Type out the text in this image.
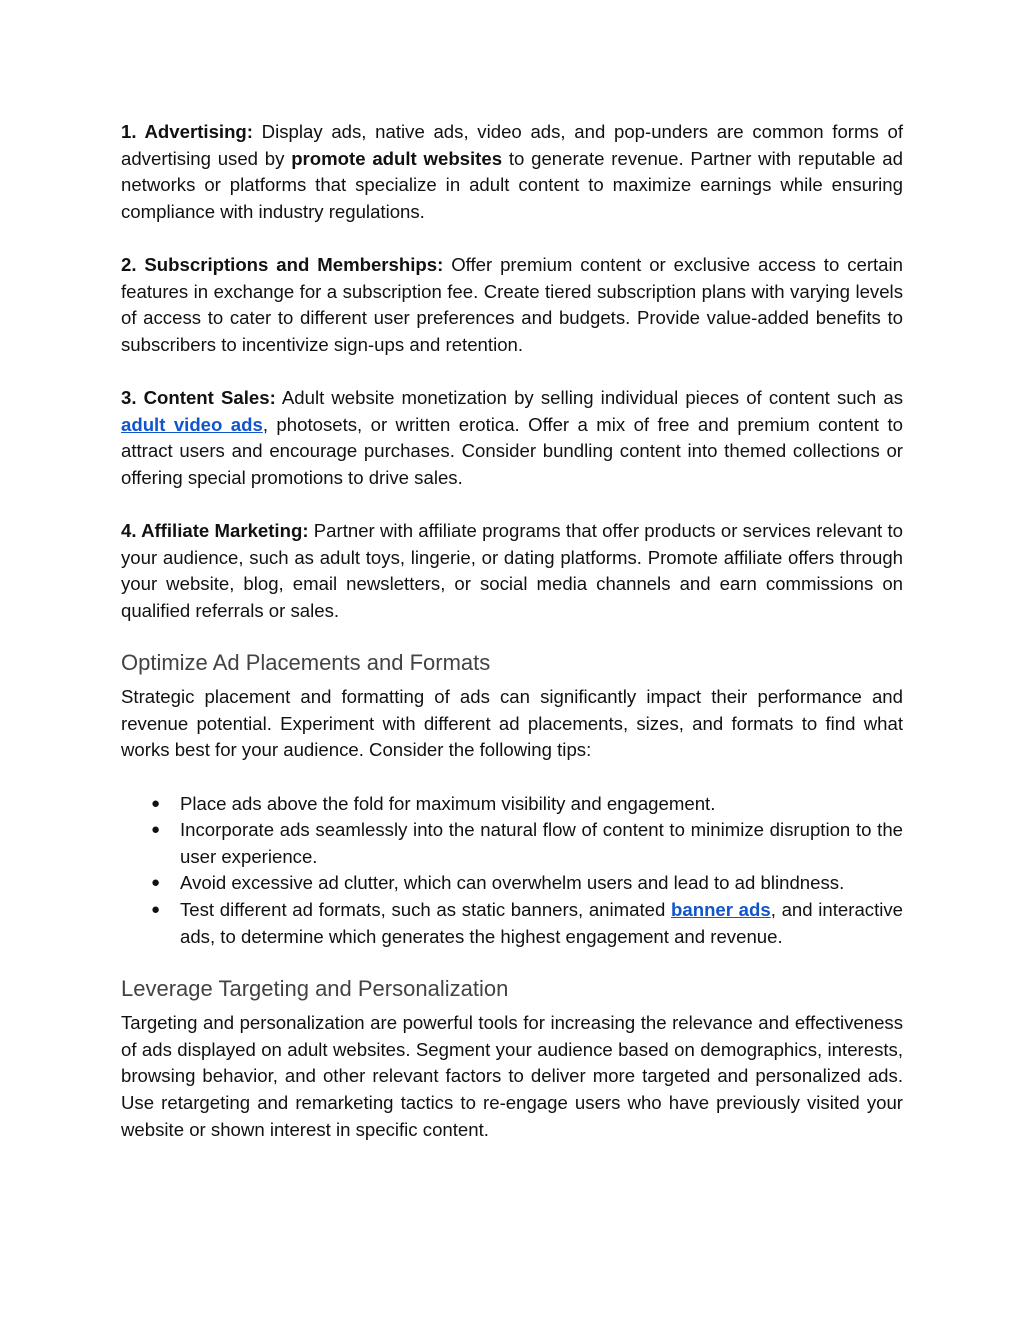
1. Advertising: Display ads, native ads, video ads, and pop-unders are common forms of advertising used by promote adult websites to generate revenue. Partner with reputable ad networks or platforms that specialize in adult content to maximize earnings while ensuring compliance with industry regulations.

2. Subscriptions and Memberships: Offer premium content or exclusive access to certain features in exchange for a subscription fee. Create tiered subscription plans with varying levels of access to cater to different user preferences and budgets. Provide value-added benefits to subscribers to incentivize sign-ups and retention.

3. Content Sales: Adult website monetization by selling individual pieces of content such as adult video ads, photosets, or written erotica. Offer a mix of free and premium content to attract users and encourage purchases. Consider bundling content into themed collections or offering special promotions to drive sales.

4. Affiliate Marketing: Partner with affiliate programs that offer products or services relevant to your audience, such as adult toys, lingerie, or dating platforms. Promote affiliate offers through your website, blog, email newsletters, or social media channels and earn commissions on qualified referrals or sales.

Optimize Ad Placements and Formats

Strategic placement and formatting of ads can significantly impact their performance and revenue potential. Experiment with different ad placements, sizes, and formats to find what works best for your audience. Consider the following tips:

● Place ads above the fold for maximum visibility and engagement.
● Incorporate ads seamlessly into the natural flow of content to minimize disruption to the user experience.
● Avoid excessive ad clutter, which can overwhelm users and lead to ad blindness.
● Test different ad formats, such as static banners, animated banner ads, and interactive ads, to determine which generates the highest engagement and revenue.
Leverage Targeting and Personalization

Targeting and personalization are powerful tools for increasing the relevance and effectiveness of ads displayed on adult websites. Segment your audience based on demographics, interests, browsing behavior, and other relevant factors to deliver more targeted and personalized ads. Use retargeting and remarketing tactics to re-engage users who have previously visited your website or shown interest in specific content.
